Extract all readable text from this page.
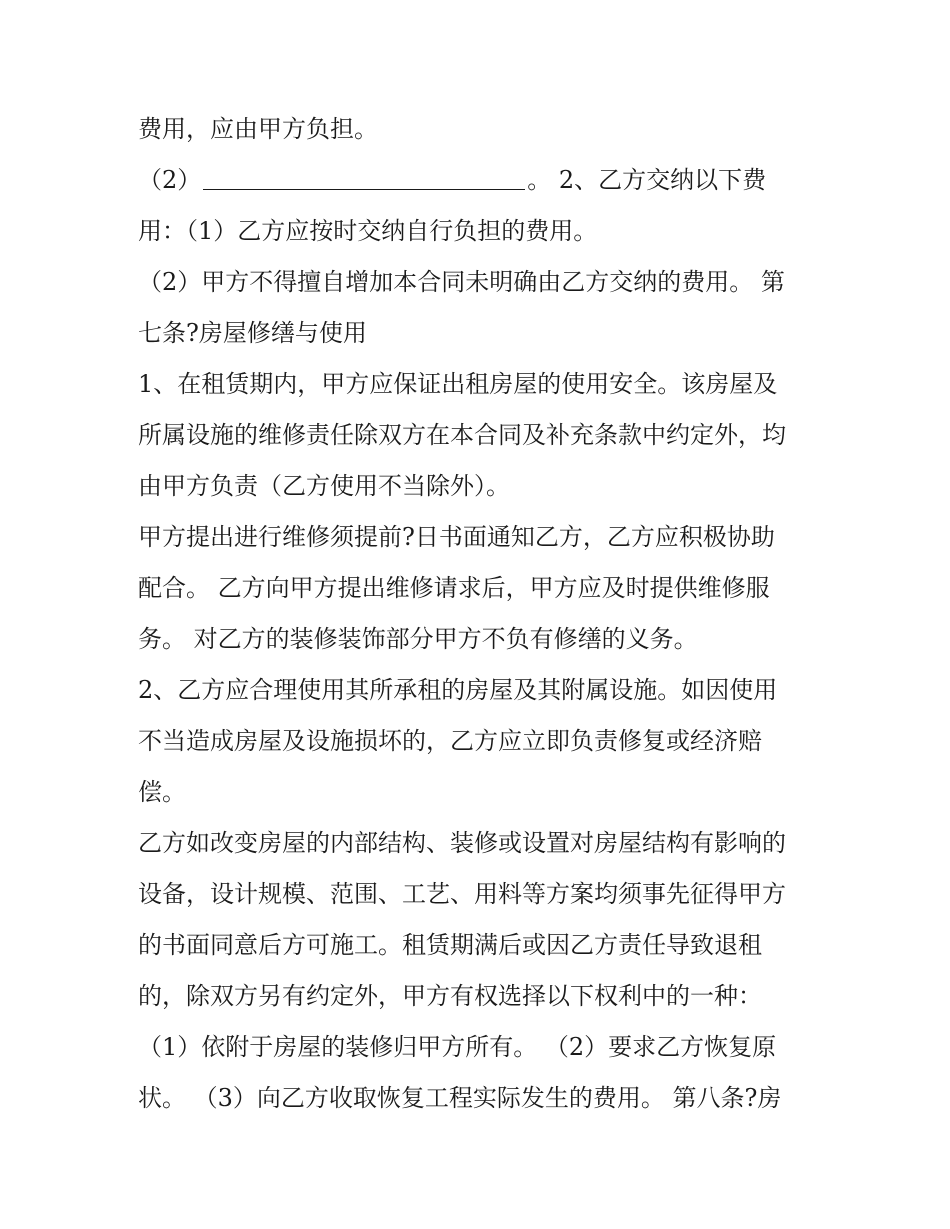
费用，应由甲方负担。
（2）	。 2、乙方交纳以下费
用：（1）乙方应按时交纳自行负担的费用。
（2）甲方不得擅自增加本合同未明确由乙方交纳的费用。 第
七条?房屋修缮与使用
1、在租赁期内，甲方应保证出租房屋的使用安全。该房屋及
所属设施的维修责任除双方在本合同及补充条款中约定外，均
由甲方负责（乙方使用不当除外）。
甲方提出进行维修须提前?日书面通知乙方，乙方应积极协助
配合。 乙方向甲方提出维修请求后，甲方应及时提供维修服
务。 对乙方的装修装饰部分甲方不负有修缮的义务。
2、乙方应合理使用其所承租的房屋及其附属设施。如因使用
不当造成房屋及设施损坏的，乙方应立即负责修复或经济赔
偿。
乙方如改变房屋的内部结构、装修或设置对房屋结构有影响的
设备，设计规模、范围、工艺、用料等方案均须事先征得甲方
的书面同意后方可施工。租赁期满后或因乙方责任导致退租
的，除双方另有约定外，甲方有权选择以下权利中的一种：
（1）依附于房屋的装修归甲方所有。 （2）要求乙方恢复原
状。 （3）向乙方收取恢复工程实际发生的费用。 第八条?房
